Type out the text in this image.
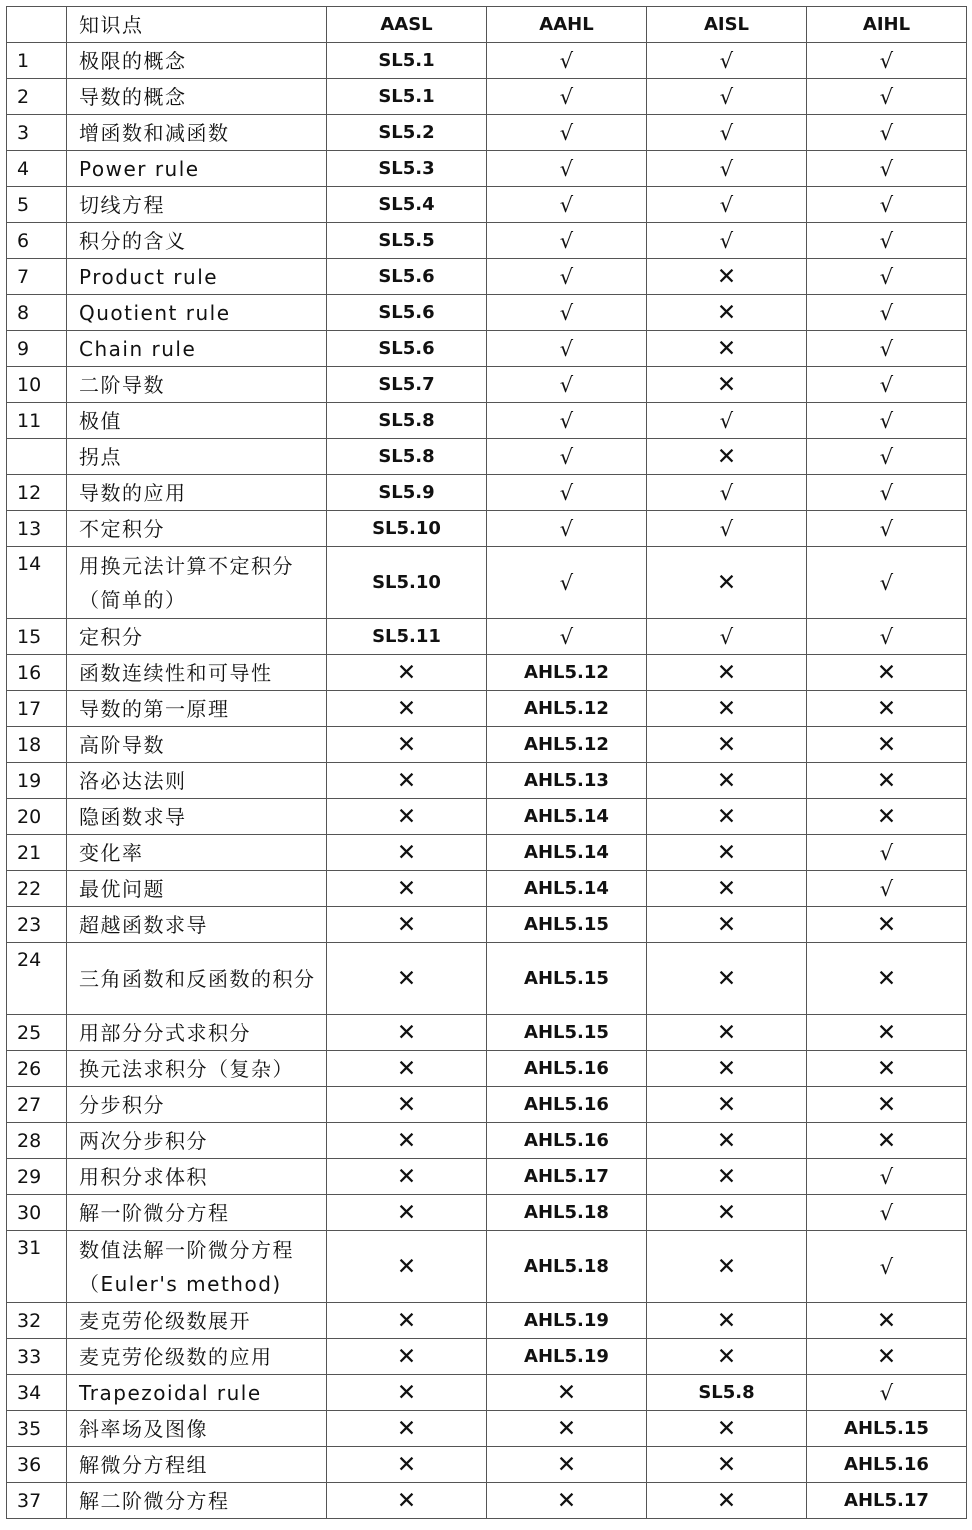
	知识点	AASL	AAHL	AISL	AIHL
1	极限的概念	SL5.1	√	√	√
2	导数的概念	SL5.1	√	√	√
3	增函数和减函数	SL5.2	√	√	√
4	Power rule	SL5.3	√	√	√
5	切线方程	SL5.4	√	√	√
6	积分的含义	SL5.5	√	√	√
7	Product rule	SL5.6	√	✕	√
8	Quotient rule	SL5.6	√	✕	√
9	Chain rule	SL5.6	√	✕	√
10	二阶导数	SL5.7	√	✕	√
11	极值	SL5.8	√	√	√
	拐点	SL5.8	√	✕	√
12	导数的应用	SL5.9	√	√	√
13	不定积分	SL5.10	√	√	√
14	用换元法计算不定积分（简单的）	SL5.10	√	✕	√
15	定积分	SL5.11	√	√	√
16	函数连续性和可导性	✕	AHL5.12	✕	✕
17	导数的第一原理	✕	AHL5.12	✕	✕
18	高阶导数	✕	AHL5.12	✕	✕
19	洛必达法则	✕	AHL5.13	✕	✕
20	隐函数求导	✕	AHL5.14	✕	✕
21	变化率	✕	AHL5.14	✕	√
22	最优问题	✕	AHL5.14	✕	√
23	超越函数求导	✕	AHL5.15	✕	✕
24	三角函数和反函数的积分	✕	AHL5.15	✕	✕
25	用部分分式求积分	✕	AHL5.15	✕	✕
26	换元法求积分（复杂）	✕	AHL5.16	✕	✕
27	分步积分	✕	AHL5.16	✕	✕
28	两次分步积分	✕	AHL5.16	✕	✕
29	用积分求体积	✕	AHL5.17	✕	√
30	解一阶微分方程	✕	AHL5.18	✕	√
31	数值法解一阶微分方程（Euler's method)	✕	AHL5.18	✕	√
32	麦克劳伦级数展开	✕	AHL5.19	✕	✕
33	麦克劳伦级数的应用	✕	AHL5.19	✕	✕
34	Trapezoidal rule	✕	✕	SL5.8	√
35	斜率场及图像	✕	✕	✕	AHL5.15
36	解微分方程组	✕	✕	✕	AHL5.16
37	解二阶微分方程	✕	✕	✕	AHL5.17
